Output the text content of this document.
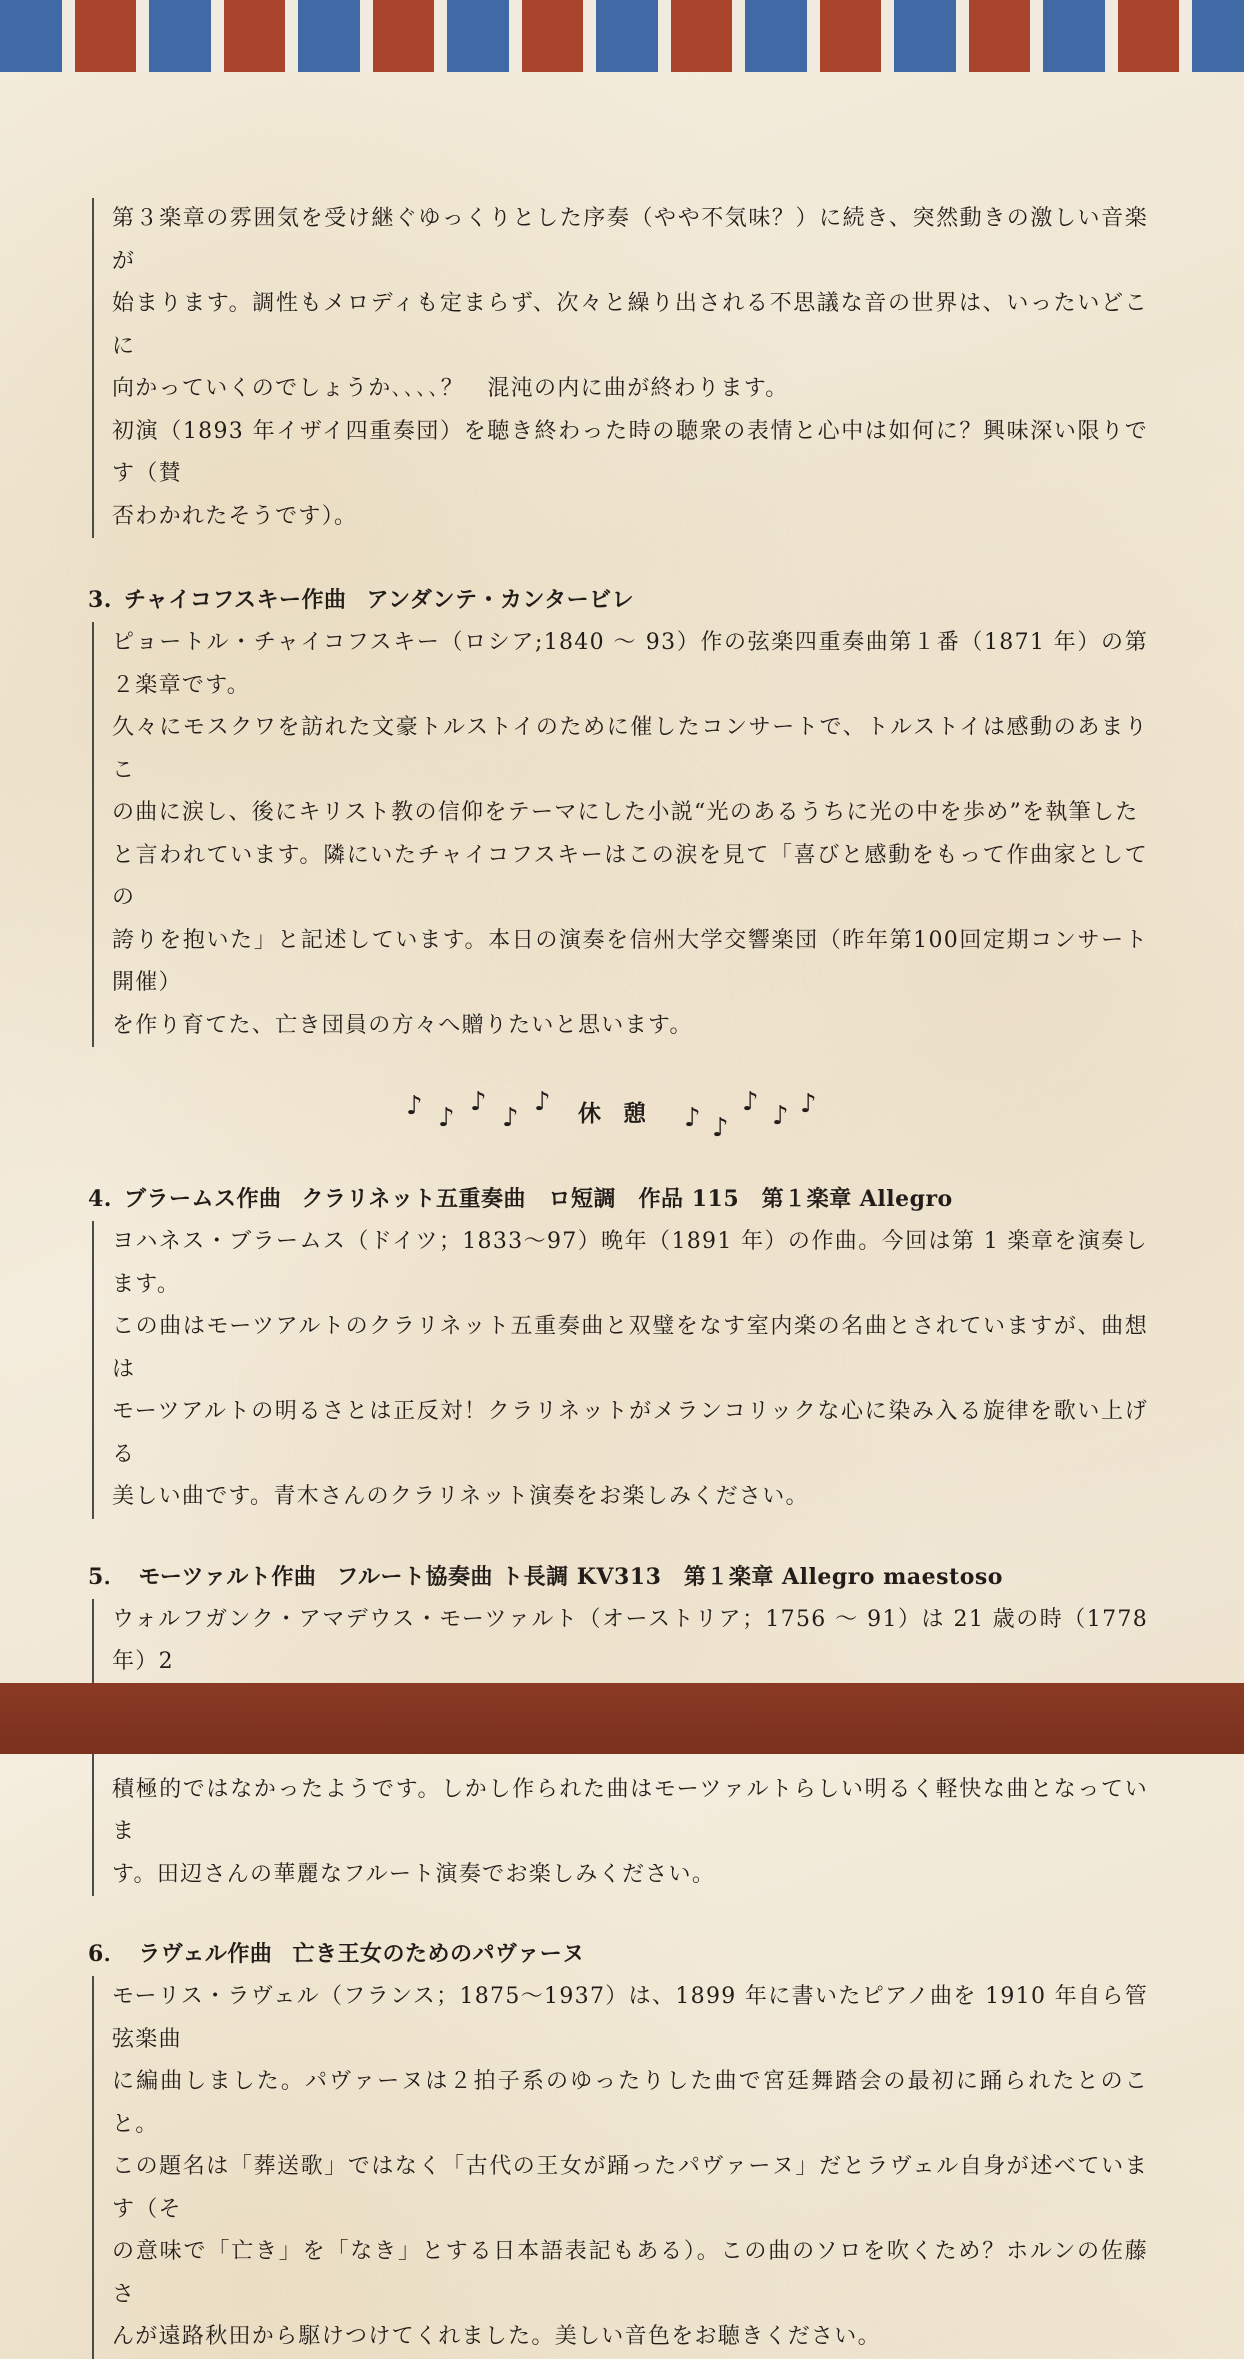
第３楽章の雰囲気を受け継ぐゆっくりとした序奏（やや不気味？）に続き、突然動きの激しい音楽が

始まります。調性もメロディも定まらず、次々と繰り出される不思議な音の世界は、いったいどこに

向かっていくのでしょうか､､､､？　混沌の内に曲が終わります。

初演（1893 年イザイ四重奏団）を聴き終わった時の聴衆の表情と心中は如何に？興味深い限りです（賛

否わかれたそうです）。

3. チャイコフスキー作曲 アンダンテ・カンタービレ

ピョートル・チャイコフスキー（ロシア;1840 ～ 93）作の弦楽四重奏曲第１番（1871 年）の第２楽章です。

久々にモスクワを訪れた文豪トルストイのために催したコンサートで、トルストイは感動のあまりこ

の曲に涙し、後にキリスト教の信仰をテーマにした小説“光のあるうちに光の中を歩め”を執筆した

と言われています。隣にいたチャイコフスキーはこの涙を見て「喜びと感動をもって作曲家としての

誇りを抱いた」と記述しています。本日の演奏を信州大学交響楽団（昨年第100回定期コンサート開催）

を作り育てた、亡き団員の方々へ贈りたいと思います。

♪ ♪
♪
♪
♪ 休憩 ♪ ♪
♪ ♪ ♪
4. ブラームス作曲 クラリネット五重奏曲　ロ短調　作品 115　第１楽章 Allegro

ヨハネス・ブラームス（ドイツ；1833～97）晩年（1891 年）の作曲。今回は第 1 楽章を演奏します。

この曲はモーツアルトのクラリネット五重奏曲と双璧をなす室内楽の名曲とされていますが、曲想は

モーツアルトの明るさとは正反対！クラリネットがメランコリックな心に染み入る旋律を歌い上げる

美しい曲です。青木さんのクラリネット演奏をお楽しみください。

5． モーツァルト作曲 フルート協奏曲 ト長調 KV313　第１楽章 Allegro maestoso

ウォルフガンク・アマデウス・モーツァルト（オーストリア；1756 ～ 91）は 21 歳の時（1778 年）2

積極的ではなかったようです。しかし作られた曲はモーツァルトらしい明るく軽快な曲となっていま

す。田辺さんの華麗なフルート演奏でお楽しみください。

6． ラヴェル作曲 亡き王女のためのパヴァーヌ

モーリス・ラヴェル（フランス；1875～1937）は、1899 年に書いたピアノ曲を 1910 年自ら管弦楽曲

に編曲しました。パヴァーヌは２拍子系のゆったりした曲で宮廷舞踏会の最初に踊られたとのこと。

この題名は「葬送歌」ではなく「古代の王女が踊ったパヴァーヌ」だとラヴェル自身が述べています（そ

の意味で「亡き」を「なき」とする日本語表記もある）。この曲のソロを吹くため？ホルンの佐藤さ

んが遠路秋田から駆けつけてくれました。美しい音色をお聴きください。
